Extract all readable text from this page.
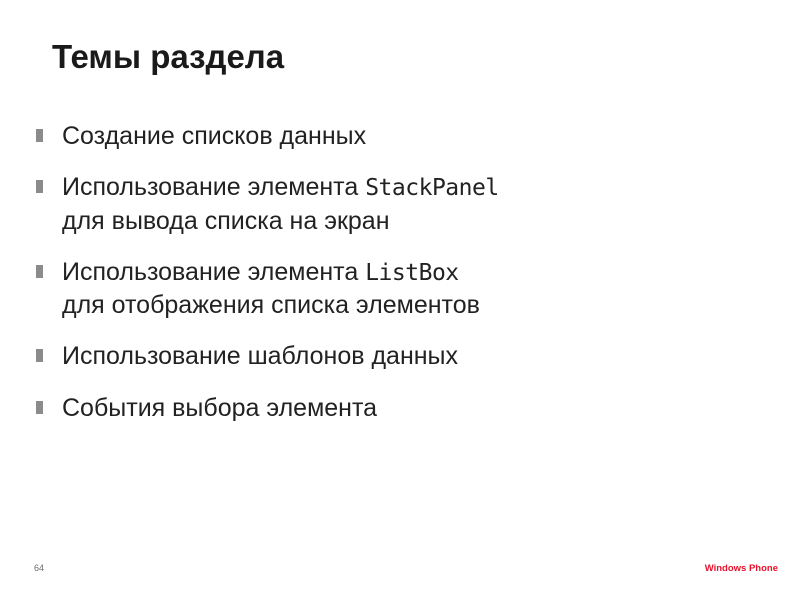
Темы раздела
Создание списков данных
Использование элемента StackPanel
для вывода списка на экран
Использование элемента ListBox
для отображения списка элементов
Использование шаблонов данных
События выбора элемента
64	Windows Phone
